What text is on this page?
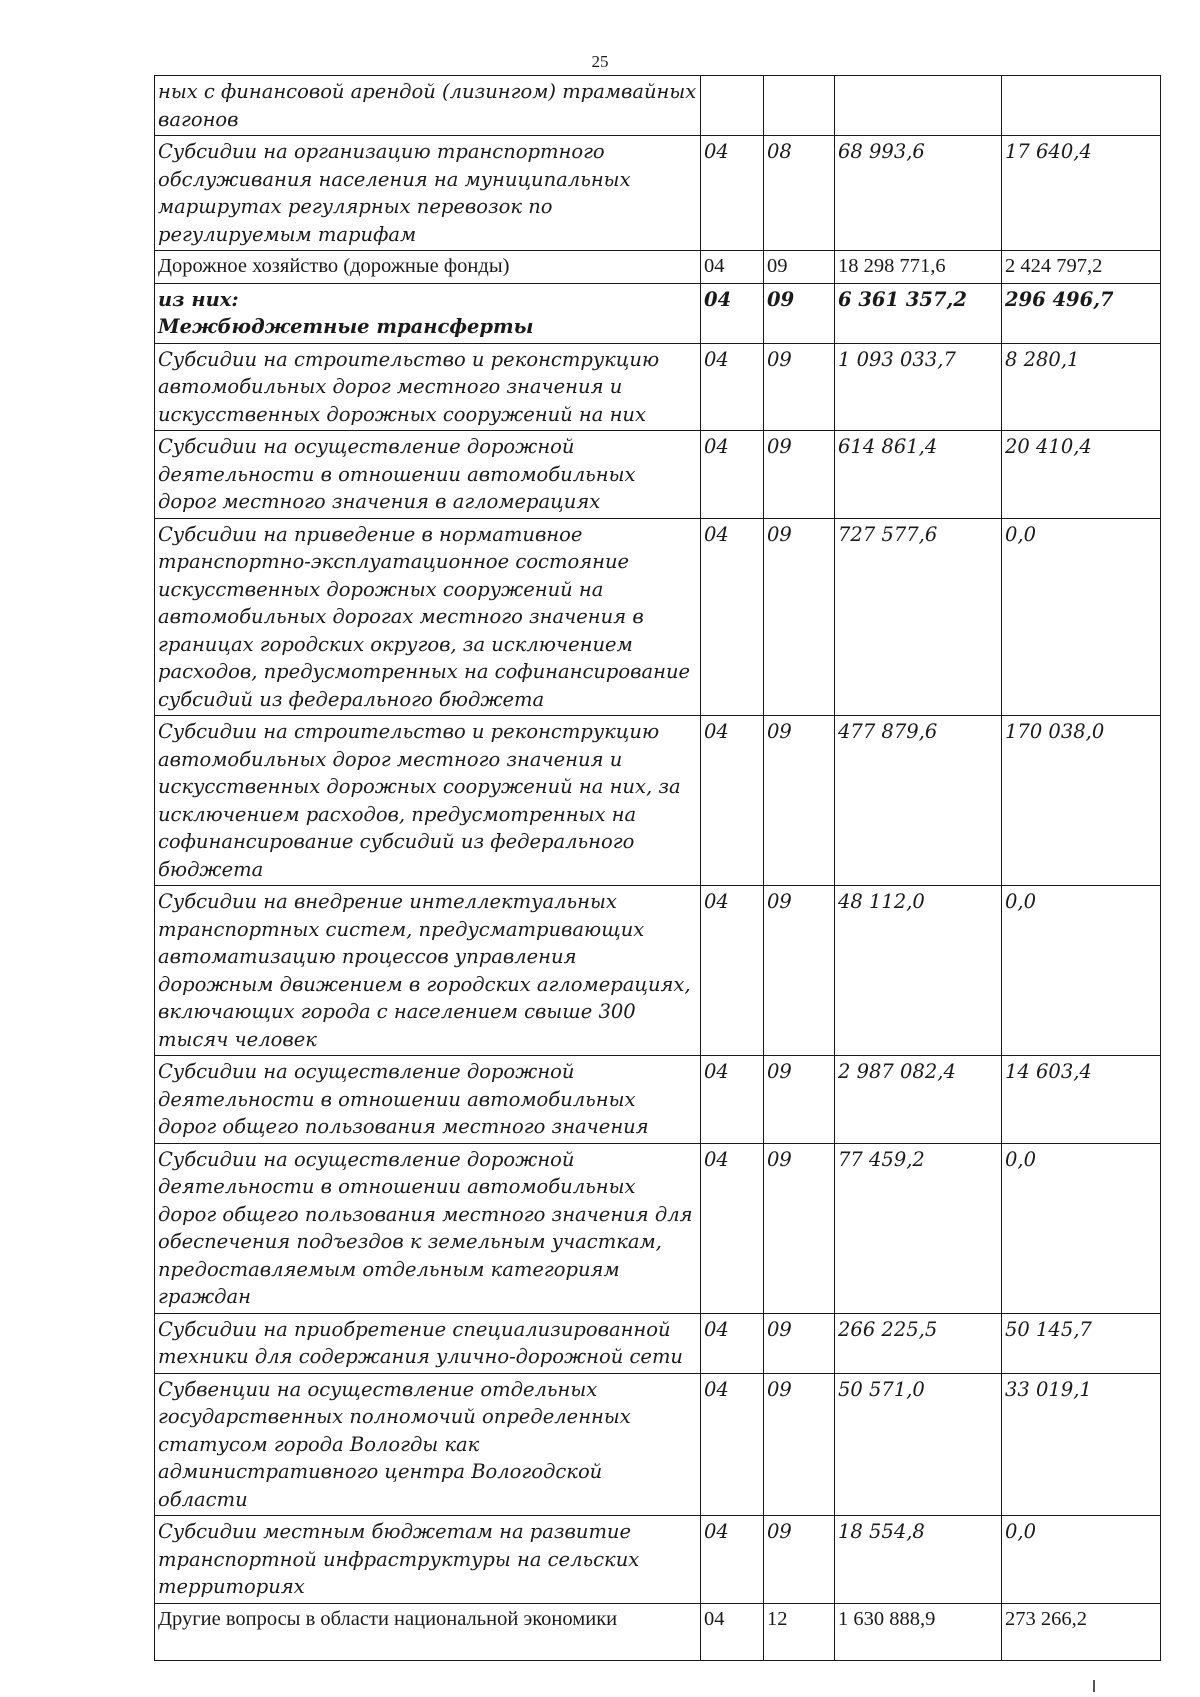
25
ных с финансовой арендой (лизингом) трамвайных вагонов				
Субсидии на организацию транспортного обслуживания населения на муниципальных маршрутах регулярных перевозок по регулируемым тарифам	04	08	68 993,6	17 640,4
Дорожное хозяйство (дорожные фонды)	04	09	18 298 771,6	2 424 797,2
из них:
Межбюджетные трансферты	04	09	6 361 357,2	296 496,7
Субсидии на строительство и реконструкцию автомобильных дорог местного значения и искусственных дорожных сооружений на них	04	09	1 093 033,7	8 280,1
Субсидии на осуществление дорожной деятельности в отношении автомобильных дорог местного значения в агломерациях	04	09	614 861,4	20 410,4
Субсидии на приведение в нормативное транспортно-эксплуатационное состояние искусственных дорожных сооружений на автомобильных дорогах местного значения в границах городских округов, за исключением расходов, предусмотренных на софинансирование субсидий из федерального бюджета	04	09	727 577,6	0,0
Субсидии на строительство и реконструкцию автомобильных дорог местного значения и искусственных дорожных сооружений на них, за исключением расходов, предусмотренных на софинансирование субсидий из федерального бюджета	04	09	477 879,6	170 038,0
Субсидии на внедрение интеллектуальных транспортных систем, предусматривающих автоматизацию процессов управления дорожным движением в городских агломерациях, включающих города с населением свыше 300 тысяч человек	04	09	48 112,0	0,0
Субсидии на осуществление дорожной деятельности в отношении автомобильных дорог общего пользования местного значения	04	09	2 987 082,4	14 603,4
Субсидии на осуществление дорожной деятельности в отношении автомобильных дорог общего пользования местного значения для обеспечения подъездов к земельным участкам, предоставляемым отдельным категориям граждан	04	09	77 459,2	0,0
Субсидии на приобретение специализированной техники для содержания улично-дорожной сети	04	09	266 225,5	50 145,7
Субвенции на осуществление отдельных государственных полномочий определенных статусом города Вологды как административного центра Вологодской области	04	09	50 571,0	33 019,1
Субсидии местным бюджетам на развитие транспортной инфраструктуры на сельских территориях	04	09	18 554,8	0,0
Другие вопросы в области национальной экономики	04	12	1 630 888,9	273 266,2
